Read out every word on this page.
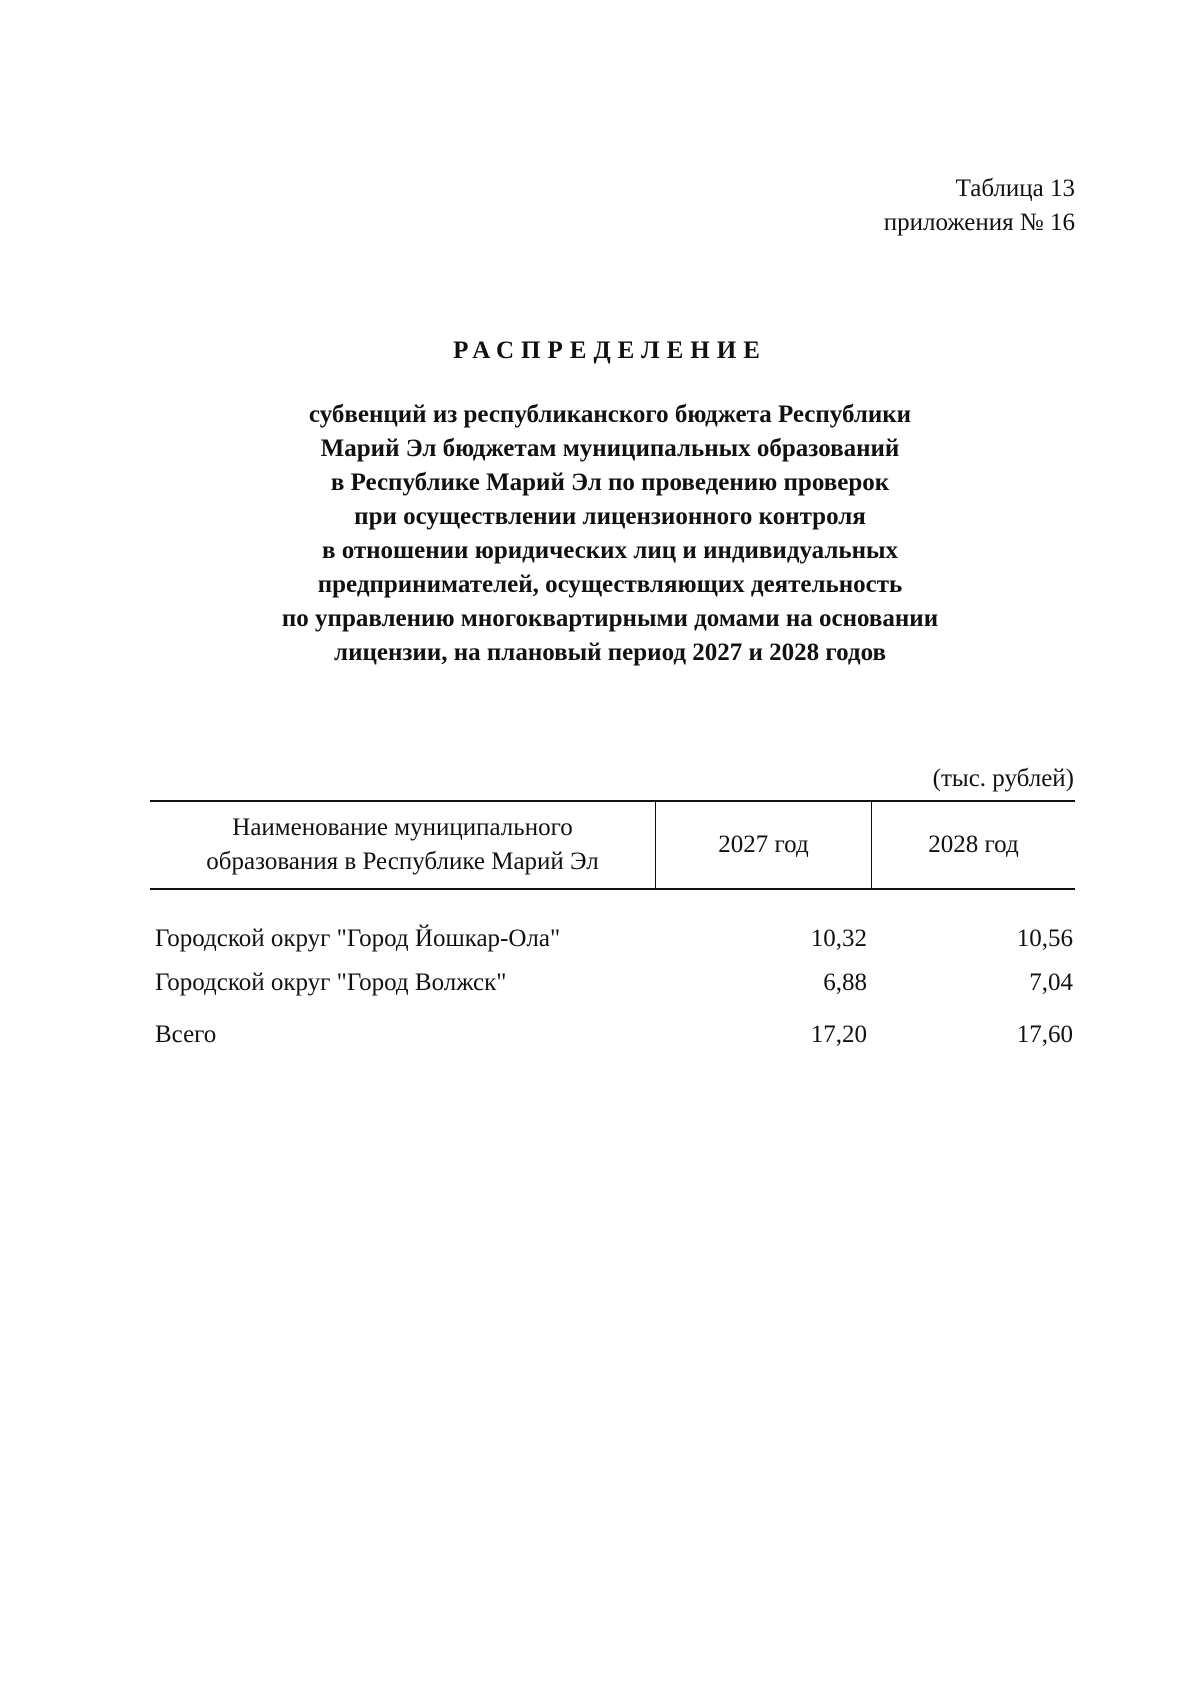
Таблица 13
приложения № 16
РАСПРЕДЕЛЕНИЕ
субвенций из республиканского бюджета Республики
Марий Эл бюджетам муниципальных образований
в Республике Марий Эл по проведению проверок
при осуществлении лицензионного контроля
в отношении юридических лиц и индивидуальных
предпринимателей, осуществляющих деятельность
по управлению многоквартирными домами на основании
лицензии, на плановый период 2027 и 2028 годов
(тыс. рублей)
Наименование муниципального
образования в Республике Марий Эл
2027 год	2028 год
Городской округ "Город Йошкар-Ола"	10,32	10,56
Городской округ "Город Волжск"	6,88	7,04
Всего	17,20	17,60
